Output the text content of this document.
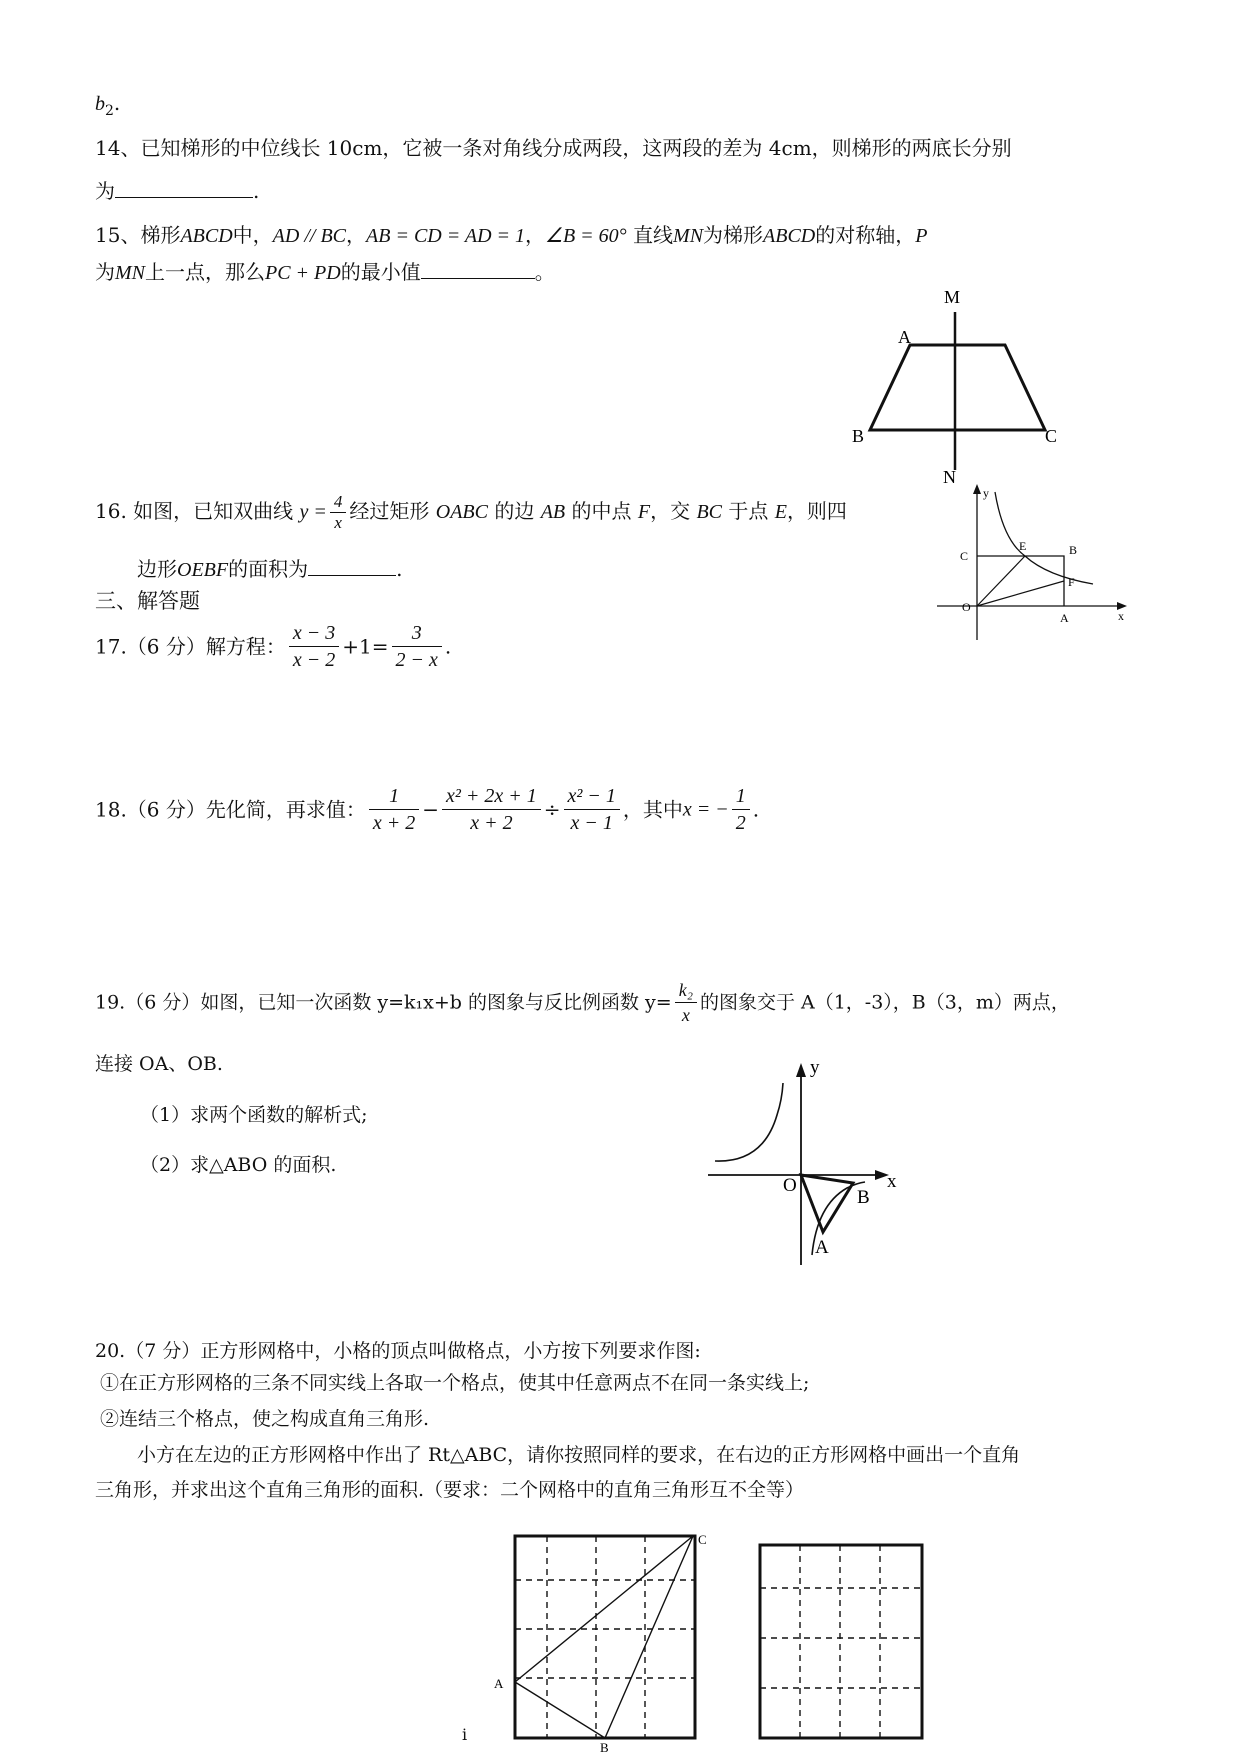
$b_2$.
14、已知梯形的中位线长 10cm，它被一条对角线分成两段，这两段的差为 4cm，则梯形的两底长分别
为	.
15、梯形ABCD中，AD // BC，AB = CD = AD = 1，∠B = 60° 直线MN为梯形ABCD的对称轴，P
为MN上一点，那么PC + PD的最小值	。
M
A
B	C
N
16. 如图，已知双曲线 $y = \frac{4}{x}$ 经过矩形 OABC 的边 AB 的中点 F，交 BC 于点 E，则四
边形OEBF的面积为	.
y
x
C
E	B
F
O
A
三、解答题
17.（6 分）解方程： $\frac{x - 3}{x - 2} +1= \frac{3}{2 - x}$ .
18.（6 分）先化简，再求值： $\frac{1}{x + 2} - \frac{\text{x² + 2x + 1}}{x + 2} \div \frac{\text{x² − 1}}{x - 1}$ ，其中x = − $\frac{1}{2}$ .
19.（6 分）如图，已知一次函数 y=k₁x+b 的图象与反比例函数 $y= \frac{\text{k₂}}{x}$ 的图象交于 A（1，-3），B（3，m）两点，
连接 OA、OB.
（1）求两个函数的解析式;
（2）求△ABO 的面积.
y
x
O
B
A
20.（7 分）正方形网格中，小格的顶点叫做格点，小方按下列要求作图:
①在正方形网格的三条不同实线上各取一个格点，使其中任意两点不在同一条实线上;
②连结三个格点，使之构成直角三角形.
小方在左边的正方形网格中作出了 Rt△ABC，请你按照同样的要求，在右边的正方形网格中画出一个直角
三角形，并求出这个直角三角形的面积.（要求：二个网格中的直角三角形互不全等）
A
B
C
i
